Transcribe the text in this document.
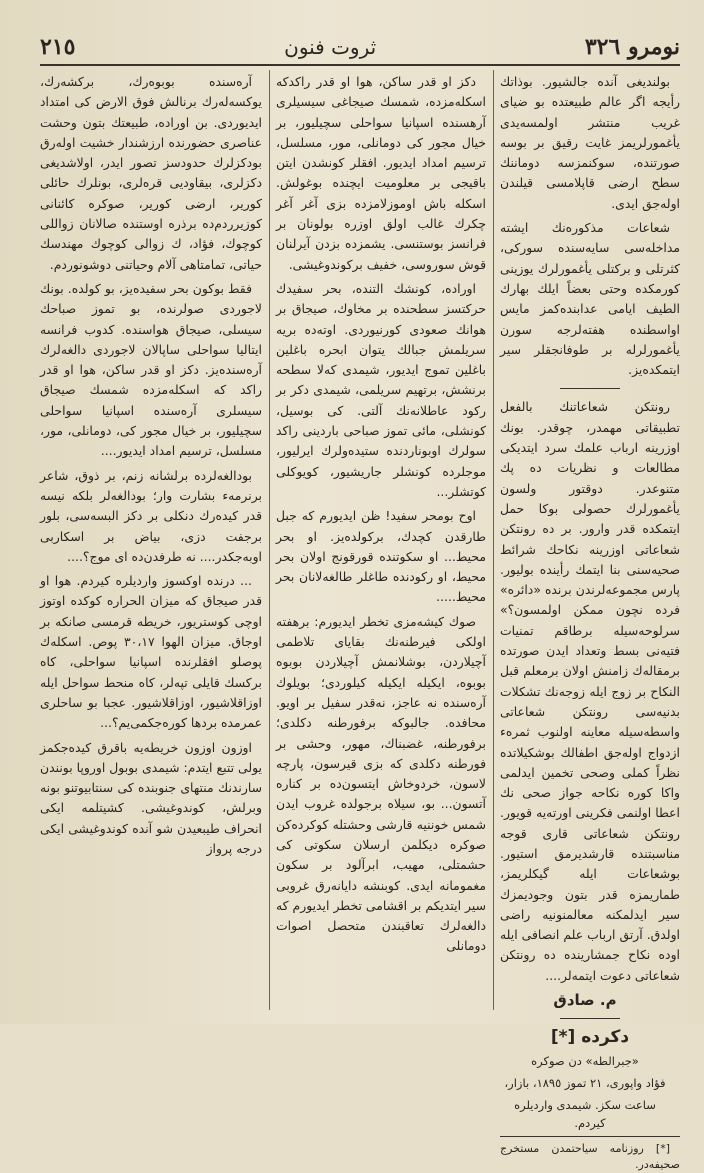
نومرو ٣٢٦
ثروت فنون
٢١٥

بولنديغى آنده جالشيور. بوذاتك رأيجه اگر عالم طبيعتده بو ضياى غريب منتشر اولمسه‌يدى يأغمورلريمز غايت رقيق بر بوسه صورتنده، سوكنمزسه دوماننك سطح ارضى قاپلامسى قيلندن اوله‌جق ايدى.

شعاعات مذكوره‌نك ايشته مداخله‌سى سايه‌سنده سوركى، كثرتلى و بركتلى يأغمورلرك يوزينى كورمكده وحتى بعضاً ايلك بهارك الطيف ايامى عدابنده‌كمز مايس اواسطنده هفته‌لرجه سورن يأغمورلرله بر طوفانجقلر سير ايتمكده‌يز.

رونتكن شعاعاتنك بالفعل تطبيقاتى مهمدر، چوقدر. بونك اوزرينه ارباب علمك سرد ايتديكى مطالعات و نظريات ده پك متنوعدر. دوقتور ولسون يأغمورلرك حصولى بوكا حمل ايتمكده قدر وارور. بر ده رونتكن شعاعاتى اوزرينه نكاحك شرائط صحيه‌سنى بنا ايتمك رأينده بوليور. پارس مجموعه‌لرندن برنده «دائره» فرده نچون ممكن اولمسون؟» سرلوحه‌سيله برطاقم تمنيات فتيه‌نى بسط وتعداد ايدن صورتده برمقاله‌ك زامنش اولان برمعلم قبل النكاح بر زوج ايله زوجه‌نك تشكلات بدنيه‌سى رونتكن شعاعاتى واسطه‌سيله معاينه اولنوب ثمره‌ء ازدواج اوله‌جق اطفالك بوشكيلاتده نظراً كملى وصحى تخمين ايدلمى واكا كوره نكاحه جواز صحى نك اعطا اولنمى فكرينى اورته‌يه قويور. رونتكن شعاعاتى قارى قوجه مناسبتنده قارشديرمق استيور. بوشعاعات ايله گيكلريمز، طماريمزه قدر بتون وجوديمزك سير ايدلمكنه معالمنونيه راضى اولدق. آرتق ارباب علم انصافى ايله اوده نكاح جمشارينده ده رونتكن شعاعاتى دعوت ايتمه‌لر....

م. صادق

دكرده [*]

«جبرالطه» دن صوكره

فؤاد واپورى، ٢١ تموز ١٨٩٥، بازار،

ساعت سكز. شيمدى وارديلره كيردم.

[*] روزنامه سياحتمدن مستخرج صحيفه‌در.

دكز او قدر ساكن، هوا او قدر راكدكه اسكله‌مزده، شمسك صيجاغى سيسيلرى آرهسنده اسپانيا سواحلى سچيليور، بر خيال مجور كى دومانلى، مور، مسلسل، ترسيم امداد ايديور. افقلر كونشدن ايتن باقيجى بر معلوميت ايچنده بوغولش. اسكله باش اوموزلامزده بزى آغر آغر چكرك غالب اولق اوزره بولونان بر فرانسز بوستنسى. يشمزده بزدن آيرلنان قوش سوروسى، خفيف بركوندوغيشى.

اوراده، كونشك التنده، بحر سفيدك حركتسز سطحنده بر مخاوك، صيجاق بر هوانك صعودى كورنيوردى. اوته‌ده بريه سريلمش جبالك يتوان ابحره باغلين باغلين تموج ايديور، شيمدى كه‌لا سطحه برنشش، برتهيم سريلمى، شيمدى دكر بر ركود عاطلانه‌نك آلتى. كى بوسيل، كونشلى، مائى تموز صباحى باردينى راكد سولرك اوبوناردنده ستيده‌ولرك ايرليور، موجلرده كونشلر جاريشيور، كويوكلى كوتشلر...

اوح بومحر سفيد! ظن ايديورم كه جبل طارقدن كچدك، بركولده‌يز. او بحر محيط... او سكوتنده قورقونج اولان بحر محيط، او ركودنده طاغلر طالغه‌لانان بحر محيط.....

صوك كيشه‌مزى تخطر ايديورم: برهفته اولكى فيرطنه‌نك بقاياى تلاطمى آچيلاردن، بوشلانمش آچيلاردن بوبوه بوبوه، ايكيله ايكيله كيلوردى؛ بويلوك آره‌سنده نه عاجز، نه‌قدر سفيل بر اويو. محافده. جالبوكه برفورطنه دكلدى؛ برفورطنه، غضبناك، مهور، وحشى بر فورطنه دكلدى كه بزى قيرسون، پارچه لاسون، خردوخاش ايتسون‌ده بر كناره آتسون... بو، سيلاه برجولده غروب ايدن شمس خوننيه قارشى وحشتله كوكرده‌كن صوكره ديكلمن ارسلان سكوتى كى حشمتلى، مهيب، ابرآلود بر سكون مغمومانه ايدى. كوبنشه دايانه‌رق غروبى سير ايتديكم بر اقشامى تخطر ايديورم كه دالغه‌لرك تعاقبندن متحصل اصوات دومانلى

آره‌سنده بوبوه‌رك، بركشه‌رك، يوكسه‌له‌رك برنالش فوق الارض كى امتداد ايديوردى. بن اوراده، طبيعتك بتون وحشت عناصرى حضورنده ارزشندار خشيت اوله‌رق بودكزلرك حدودسز تصور ايدر، اولاشديغى دكزلرى، بيقاوديى قرەلرى، بونلرك حائلى كورير، ارضى كورير، صوكره كائنانى كوزيرردم‌ده برذره اوستنده صالانان زواللى كوچوك، فؤاد، ك زوالى كوچوك مهندسك حياتى، تمامتاهى آلام وحياتنى دوشونوردم.

فقط بوكون بحر سفيده‌يز، بو كولده. بونك لاجوردى صولرنده، بو تموز صباحك سيسلى، صيجاق هواسنده. كدوب فرانسه ايتاليا سواحلى ساپالان لاجوردى دالغه‌لرك آره‌سنده‌يز. دكز او قدر ساكن، هوا او قدر راكد كه اسكله‌مزده شمسك صيجاق سيسلرى آره‌سنده اسپانيا سواحلى سچيليور، بر خيال مجور كى، دومانلى، مور، مسلسل، ترسيم امداد ايديور....

بودالغه‌لرده برلشانه زنم، بر ذوق، شاعر برنرمه‌ء بشارت وار؛ بودالغه‌لر بلكه نيسه قدر كيده‌رك دنكلى بر دكز البسه‌سى، بلور برجفت دزى، بياض بر اسكاربى اوبه‌جكدر.... نه طرفدن‌ده اى موج؟....

... درنده اوكسوز وارديلره كيردم. هوا او قدر صيجاق كه ميزان الحراره كوكده اوتوز اوچى كوستريور، خريطه قرمسى صانكه بر اوجاق. ميزان الهوا ٣٠،١٧ پوص. اسكله‌ك پوصلو افقلرنده اسپانيا سواحلى، كاه بركسك قايلى تپه‌لر، كاه منحط سواحل ايله اوزاقلاشيور، اوزاقلاشيور. عجبا بو ساحلرى عمرمده بردها كوره‌جكمى‌يم؟...

اوزون اوزون خريطه‌يه باقرق كيده‌جكمز يولى تتبع ايتدم: شيمدى بوبول اوروپا بونندن سارندنك منتهاى جنوبنده كى سنتابيوتنو بونه وبرلش، كوندوغيشى. كشيتلمه ايكى انحراف طيبعيدن شو آنده كوندوغيشى ايكى درجه پرواز
